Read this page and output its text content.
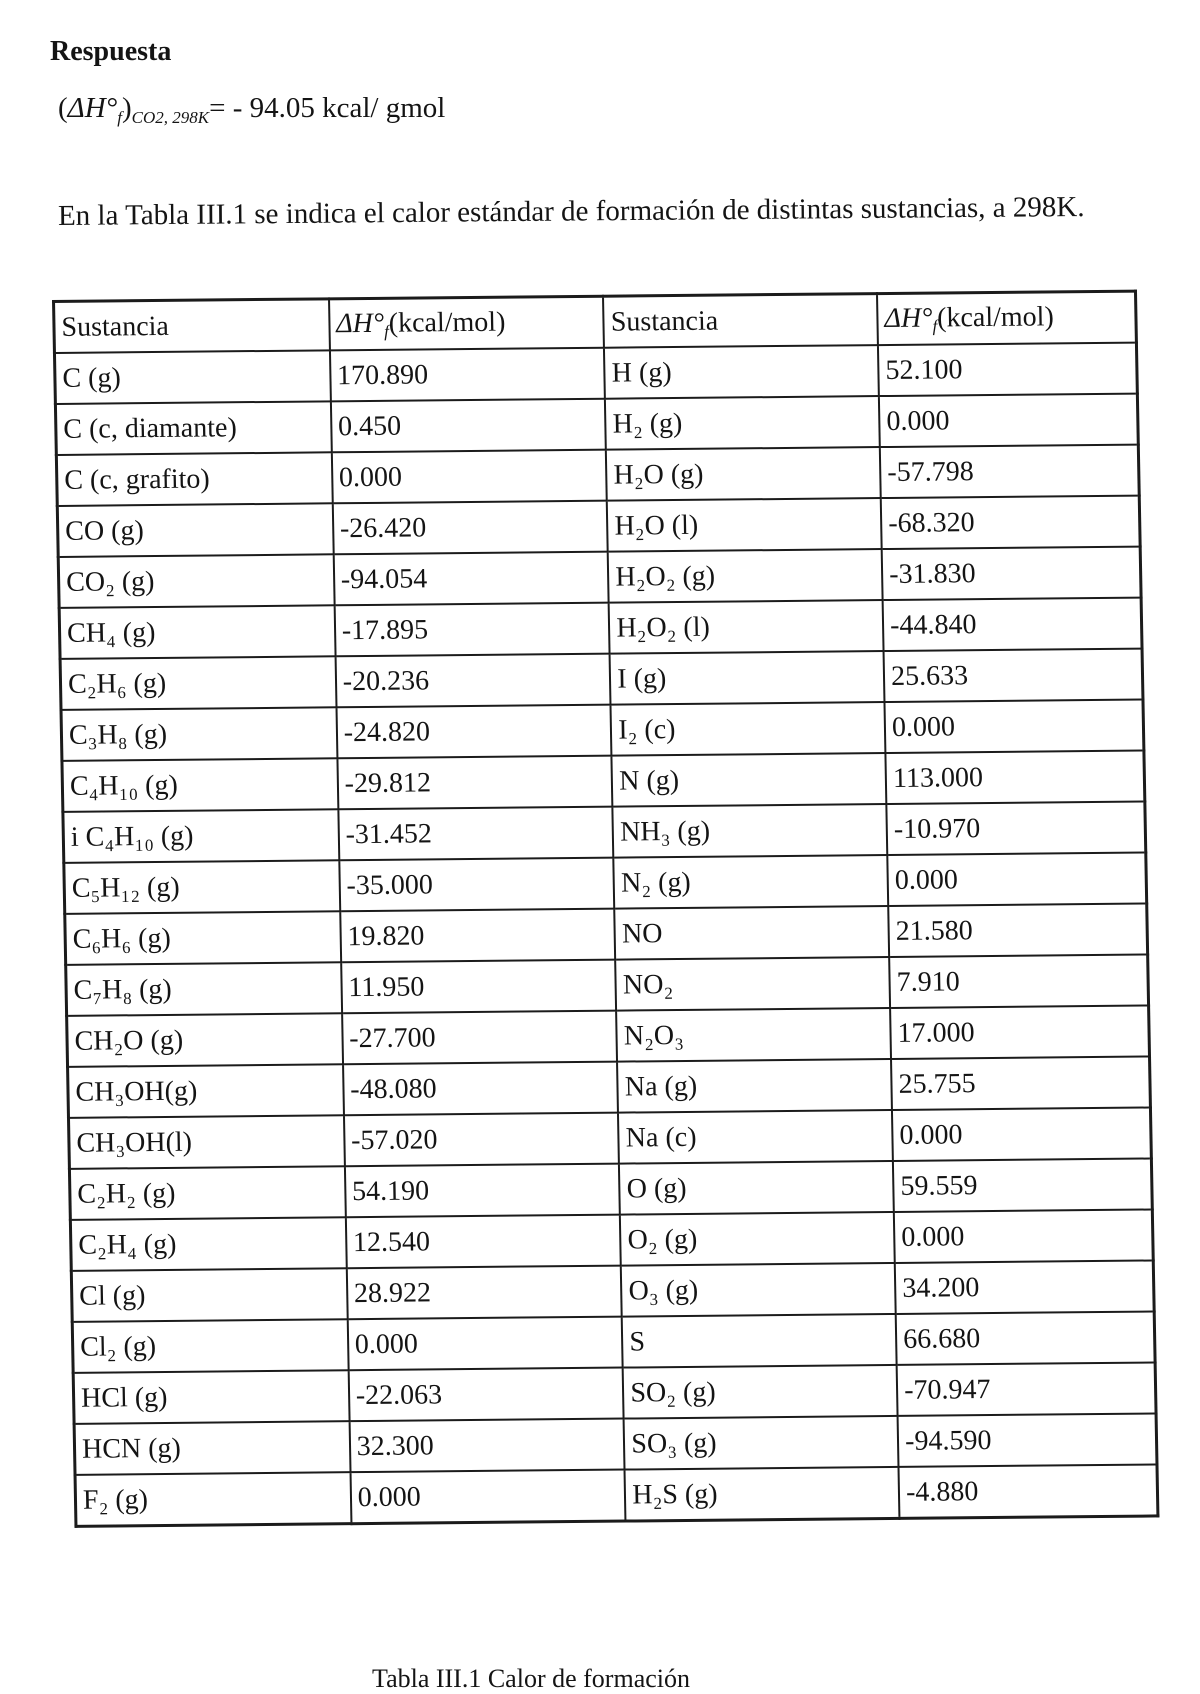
Respuesta
$(\Delta H^\circ_f)_{CO2, 298K}= - 94.05$ kcal/ gmol
En la Tabla III.1 se indica el calor estándar de formación de distintas sustancias, a 298K.
Sustancia	$\Delta H^\circ_f(kcal/mol)$	Sustancia	$\Delta H^\circ_f(kcal/mol)$
C (g)	170.890	H (g)	52.100
C (c, diamante)	0.450	H₂ (g)	0.000
C (c, grafito)	0.000	H₂O (g)	-57.798
CO (g)	-26.420	H₂O (l)	-68.320
CO₂ (g)	-94.054	H₂O₂ (g)	-31.830
CH₄ (g)	-17.895	H₂O₂ (l)	-44.840
C₂H₆ (g)	-20.236	I (g)	25.633
C₃H₈ (g)	-24.820	I₂ (c)	0.000
C₄H₁₀ (g)	-29.812	N (g)	113.000
i C₄H₁₀ (g)	-31.452	NH₃ (g)	-10.970
C₅H₁₂ (g)	-35.000	N₂ (g)	0.000
C₆H₆ (g)	19.820	NO	21.580
C₇H₈ (g)	11.950	NO₂	7.910
CH₂O (g)	-27.700	N₂O₃	17.000
CH₃OH(g)	-48.080	Na (g)	25.755
CH₃OH(l)	-57.020	Na (c)	0.000
C₂H₂ (g)	54.190	O (g)	59.559
C₂H₄ (g)	12.540	O₂ (g)	0.000
Cl (g)	28.922	O₃ (g)	34.200
Cl₂ (g)	0.000	S	66.680
HCl (g)	-22.063	SO₂ (g)	-70.947
HCN (g)	32.300	SO₃ (g)	-94.590
F₂ (g)	0.000	H₂S (g)	-4.880
Tabla III.1 Calor de formación
